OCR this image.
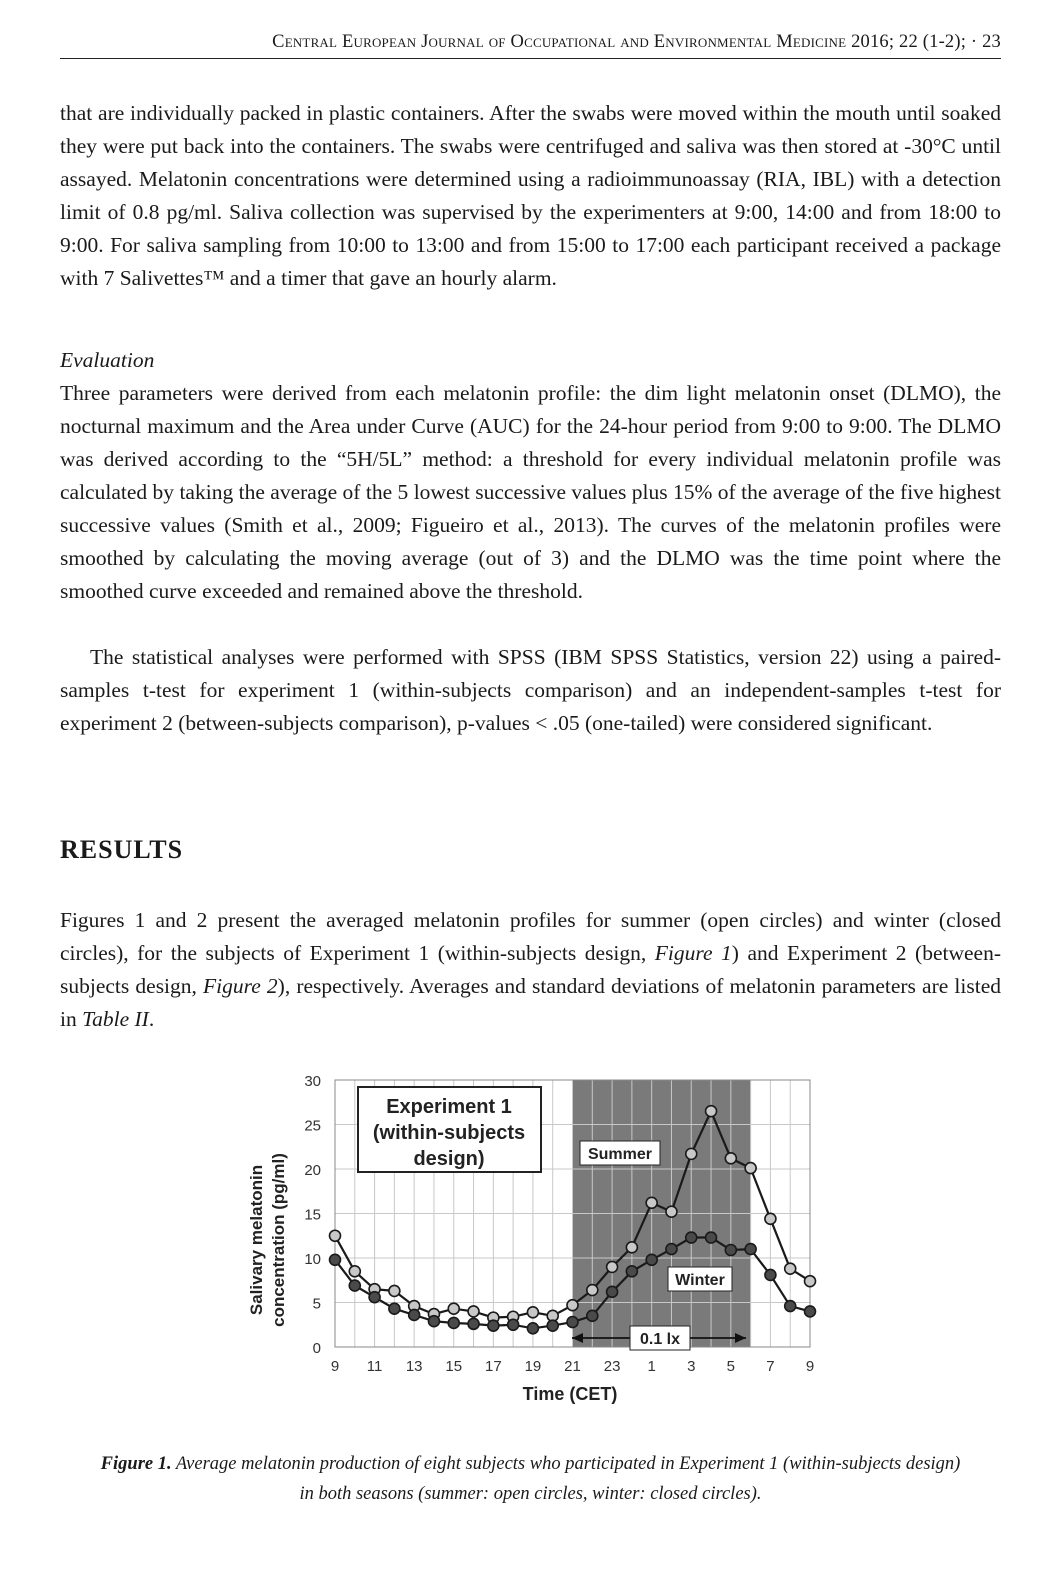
Central European Journal of Occupational and Environmental Medicine 2016; 22 (1-2); · 23

that are individually packed in plastic containers. After the swabs were moved within the mouth until soaked they were put back into the containers. The swabs were centrifuged and saliva was then stored at -30°C until assayed. Melatonin concentrations were determined using a radioimmunoassay (RIA, IBL) with a detection limit of 0.8 pg/ml. Saliva collection was supervised by the experimenters at 9:00, 14:00 and from 18:00 to 9:00. For saliva sampling from 10:00 to 13:00 and from 15:00 to 17:00 each participant received a package with 7 Salivettes™ and a timer that gave an hourly alarm.

Evaluation

Three parameters were derived from each melatonin profile: the dim light melatonin onset (DLMO), the nocturnal maximum and the Area under Curve (AUC) for the 24-hour period from 9:00 to 9:00. The DLMO was derived according to the “5H/5L” method: a threshold for every individual melatonin profile was calculated by taking the average of the 5 lowest successive values plus 15% of the average of the five highest successive values (Smith et al., 2009; Figueiro et al., 2013). The curves of the melatonin profiles were smoothed by calculating the moving average (out of 3) and the DLMO was the time point where the smoothed curve exceeded and remained above the threshold.

The statistical analyses were performed with SPSS (IBM SPSS Statistics, version 22) using a paired-samples t-test for experiment 1 (within-subjects comparison) and an independent-samples t-test for experiment 2 (between-subjects comparison), p-values < .05 (one-tailed) were considered significant.

RESULTS

Figures 1 and 2 present the averaged melatonin profiles for summer (open circles) and winter (closed circles), for the subjects of Experiment 1 (within-subjects design, Figure 1) and Experiment 2 (between-subjects design, Figure 2), respectively. Averages and standard deviations of melatonin parameters are listed in Table II.

0
5
10
15
20
25
30
9 11 13 15 17 19 21 23 1 3 5 7 9
Salivary melatonin concentration (pg/ml)
Time (CET)
Experiment 1
(within-subjects
design)	Summer
Winter
0.1 lx
Figure 1. Average melatonin production of eight subjects who participated in Experiment 1 (within-subjects design) in both seasons (summer: open circles, winter: closed circles).
